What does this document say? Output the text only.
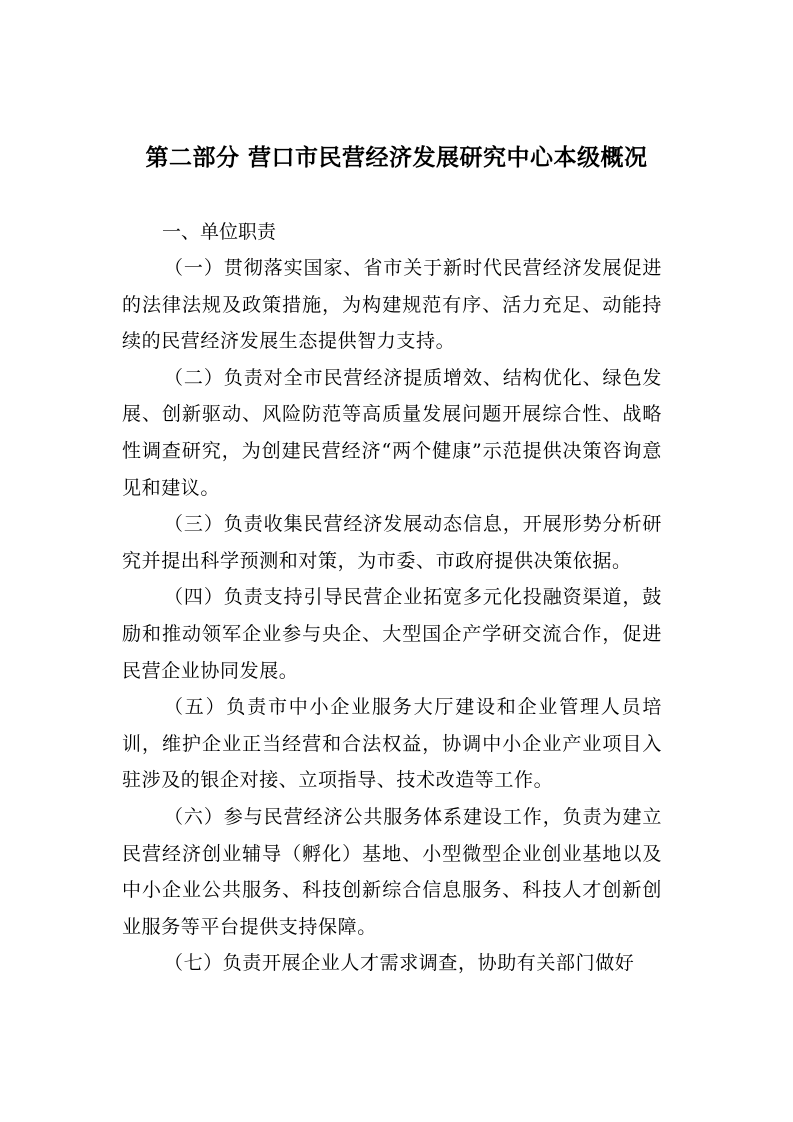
第二部分 营口市民营经济发展研究中心本级概况
一、单位职责

（一）贯彻落实国家、省市关于新时代民营经济发展促进的法律法规及政策措施，为构建规范有序、活力充足、动能持续的民营经济发展生态提供智力支持。

（二）负责对全市民营经济提质增效、结构优化、绿色发展、创新驱动、风险防范等高质量发展问题开展综合性、战略性调查研究，为创建民营经济“两个健康”示范提供决策咨询意见和建议。

（三）负责收集民营经济发展动态信息，开展形势分析研究并提出科学预测和对策，为市委、市政府提供决策依据。

（四）负责支持引导民营企业拓宽多元化投融资渠道，鼓励和推动领军企业参与央企、大型国企产学研交流合作，促进民营企业协同发展。

（五）负责市中小企业服务大厅建设和企业管理人员培训，维护企业正当经营和合法权益，协调中小企业产业项目入驻涉及的银企对接、立项指导、技术改造等工作。

（六）参与民营经济公共服务体系建设工作，负责为建立民营经济创业辅导（孵化）基地、小型微型企业创业基地以及中小企业公共服务、科技创新综合信息服务、科技人才创新创业服务等平台提供支持保障。

（七）负责开展企业人才需求调查，协助有关部门做好
